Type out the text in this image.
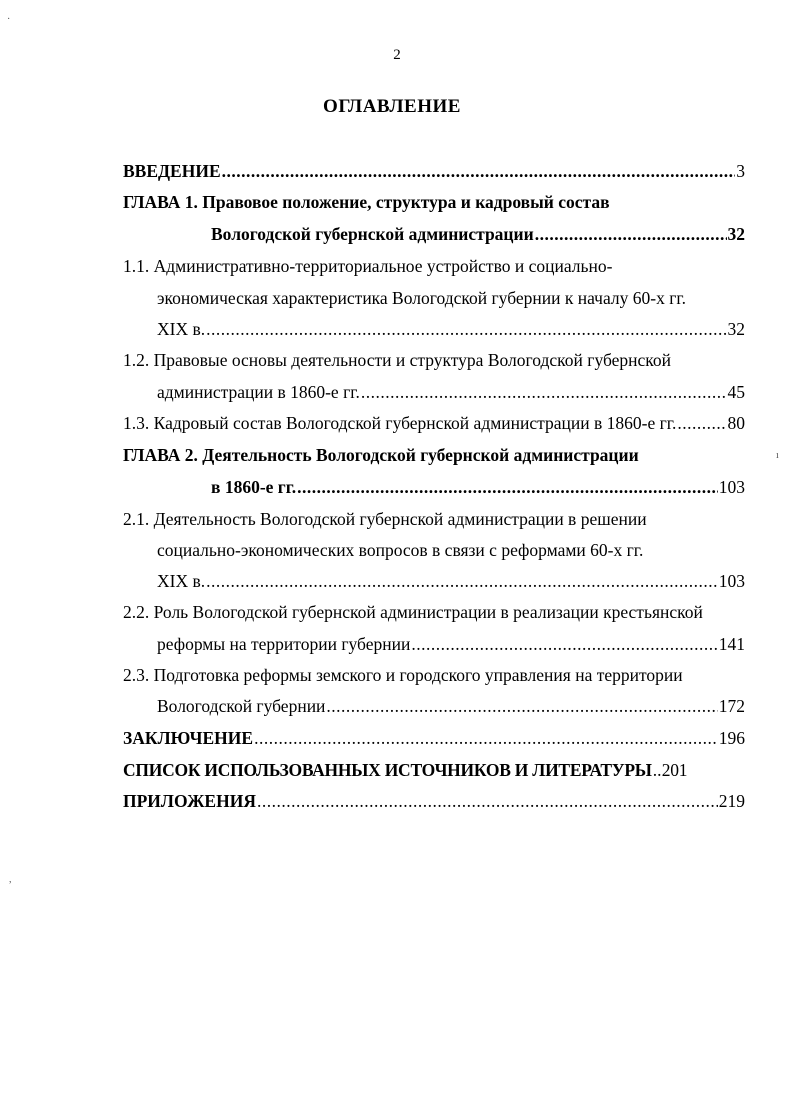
·
ı
,
2
ОГЛАВЛЕНИЕ
ВВЕДЕНИЕ .....	3
ГЛАВА 1. Правовое положение, структура и кадровый состав
Вологодской губернской администрации .....	32
1.1. Административно-территориальное устройство и социально-
экономическая характеристика Вологодской губернии к началу 60-х гг.
XIX в. .....	32
1.2. Правовые основы деятельности и структура Вологодской губернской
администрации в 1860-е гг. .....	45
1.3. Кадровый состав Вологодской губернской администрации в 1860-е гг. .....	80
ГЛАВА 2. Деятельность Вологодской губернской администрации
в 1860-е гг. .....	103
2.1. Деятельность Вологодской губернской администрации в решении
социально-экономических вопросов в связи с реформами 60-х гг.
XIX в. .....	103
2.2. Роль Вологодской губернской администрации в реализации крестьянской
реформы на территории губернии .....	141
2.3. Подготовка реформы земского и городского управления на территории
Вологодской губернии .....	172
ЗАКЛЮЧЕНИЕ .....	196
СПИСОК ИСПОЛЬЗОВАННЫХ ИСТОЧНИКОВ И ЛИТЕРАТУРЫ ..... 201
ПРИЛОЖЕНИЯ .....	219
